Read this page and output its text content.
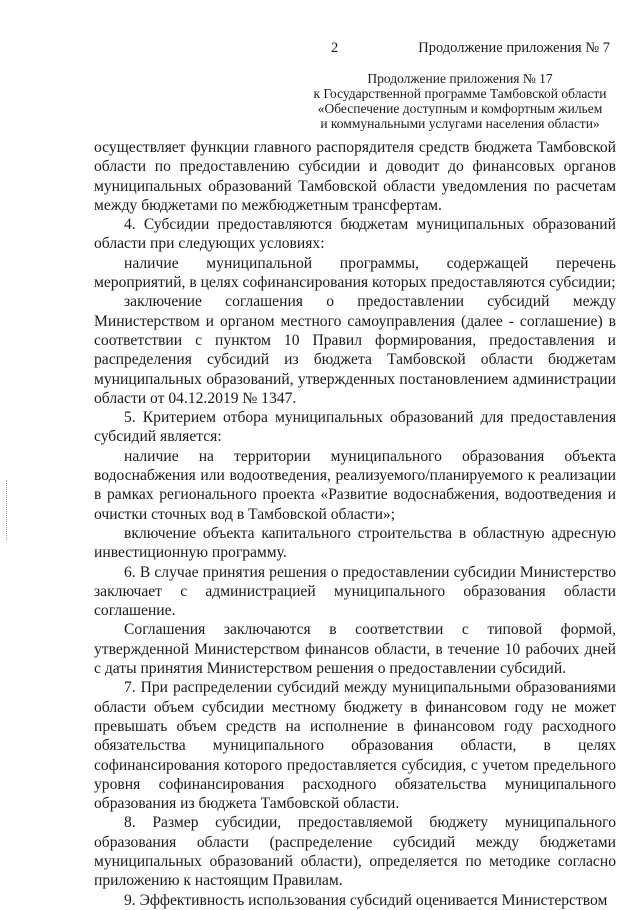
2	Продолжение приложения № 7
Продолжение приложения № 17
к Государственной программе Тамбовской области
«Обеспечение доступным и комфортным жильем
и коммунальными услугами населения области»

осуществляет функции главного распорядителя средств бюджета Тамбовской области по предоставлению субсидии и доводит до финансовых органов муниципальных образований Тамбовской области уведомления по расчетам между бюджетами по межбюджетным трансфертам.

4. Субсидии предоставляются бюджетам муниципальных образований области при следующих условиях:

наличие муниципальной программы, содержащей перечень мероприятий, в целях софинансирования которых предоставляются субсидии;

заключение соглашения о предоставлении субсидий между Министерством и органом местного самоуправления (далее - соглашение) в соответствии с пунктом 10 Правил формирования, предоставления и распределения субсидий из бюджета Тамбовской области бюджетам муниципальных образований, утвержденных постановлением администрации области от 04.12.2019 № 1347.

5. Критерием отбора муниципальных образований для предоставления субсидий является:

наличие на территории муниципального образования объекта водоснабжения или водоотведения, реализуемого/планируемого к реализации в рамках регионального проекта «Развитие водоснабжения, водоотведения и очистки сточных вод в Тамбовской области»;

включение объекта капитального строительства в областную адресную инвестиционную программу.

6. В случае принятия решения о предоставлении субсидии Министерство заключает с администрацией муниципального образования области соглашение.

Соглашения заключаются в соответствии с типовой формой, утвержденной Министерством финансов области, в течение 10 рабочих дней с даты принятия Министерством решения о предоставлении субсидий.

7. При распределении субсидий между муниципальными образованиями области объем субсидии местному бюджету в финансовом году не может превышать объем средств на исполнение в финансовом году расходного обязательства муниципального образования области, в целях софинансирования которого предоставляется субсидия, с учетом предельного уровня софинансирования расходного обязательства муниципального образования из бюджета Тамбовской области.

8. Размер субсидии, предоставляемой бюджету муниципального образования области (распределение субсидий между бюджетами муниципальных образований области), определяется по методике согласно приложению к настоящим Правилам.

9. Эффективность использования субсидий оценивается Министерством
